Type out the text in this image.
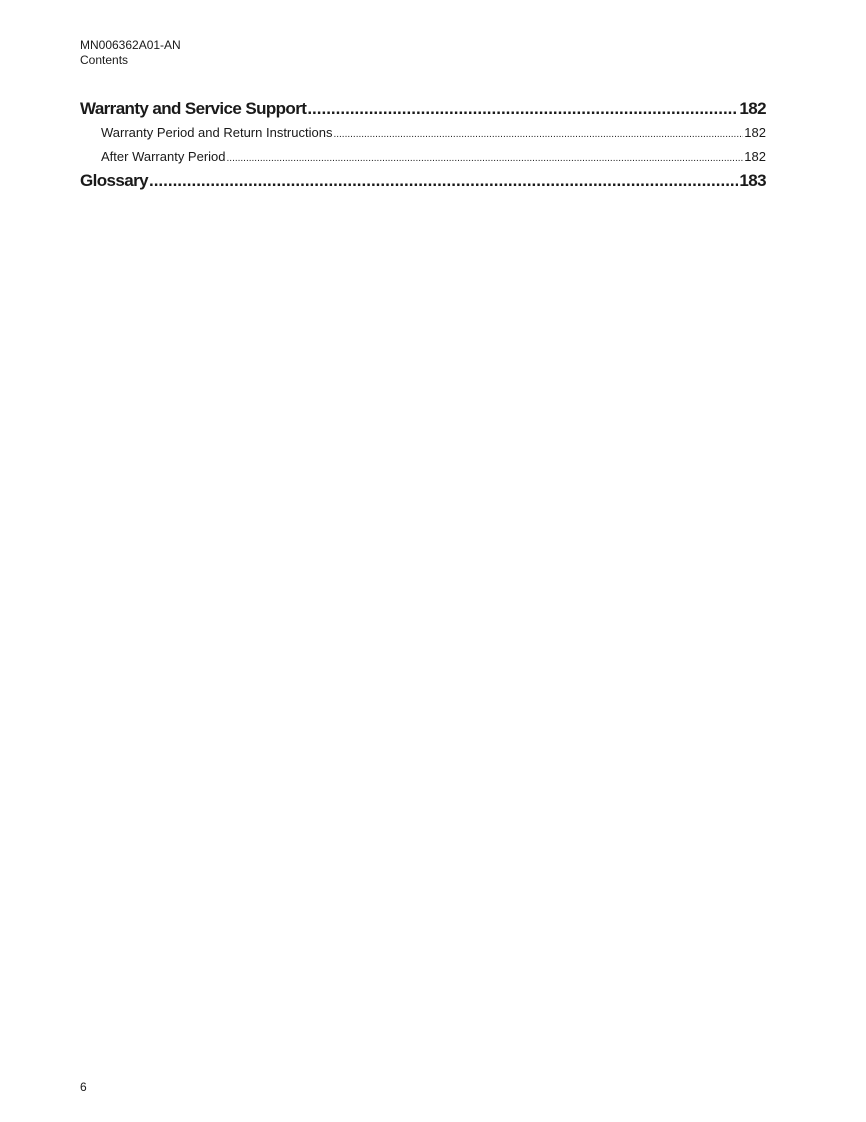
MN006362A01-AN
Contents
Warranty and Service Support .....	182
Warranty Period and Return Instructions .....	182
After Warranty Period .....	182
Glossary .....	183
6
